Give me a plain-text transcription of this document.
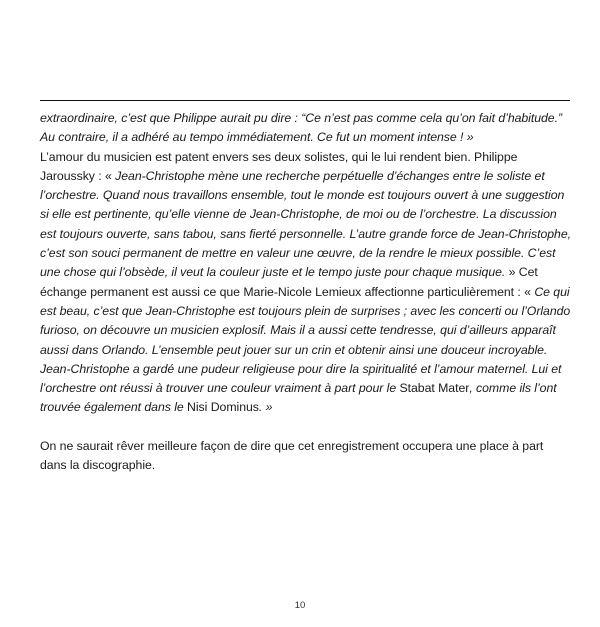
extraordinaire, c’est que Philippe aurait pu dire : “Ce n’est pas comme cela qu’on fait d’habitude.” Au contraire, il a adhéré au tempo immédiatement. Ce fut un moment intense ! »

L’amour du musicien est patent envers ses deux solistes, qui le lui rendent bien. Philippe Jaroussky : « Jean-Christophe mène une recherche perpétuelle d’échanges entre le soliste et l’orchestre. Quand nous travaillons ensemble, tout le monde est toujours ouvert à une suggestion si elle est pertinente, qu’elle vienne de Jean-Christophe, de moi ou de l’orchestre. La discussion est toujours ouverte, sans tabou, sans fierté personnelle. L’autre grande force de Jean-Christophe, c’est son souci permanent de mettre en valeur une œuvre, de la rendre le mieux possible. C’est une chose qui l’obsède, il veut la couleur juste et le tempo juste pour chaque musique. » Cet échange permanent est aussi ce que Marie-Nicole Lemieux affectionne particulièrement : « Ce qui est beau, c’est que Jean-Christophe est toujours plein de surprises ; avec les concerti ou l’Orlando furioso, on découvre un musicien explosif. Mais il a aussi cette tendresse, qui d’ailleurs apparaît aussi dans Orlando. L’ensemble peut jouer sur un crin et obtenir ainsi une douceur incroyable. Jean-Christophe a gardé une pudeur religieuse pour dire la spiritualité et l’amour maternel. Lui et l’orchestre ont réussi à trouver une couleur vraiment à part pour le Stabat Mater, comme ils l’ont trouvée également dans le Nisi Dominus. »

On ne saurait rêver meilleure façon de dire que cet enregistrement occupera une place à part dans la discographie.

10
